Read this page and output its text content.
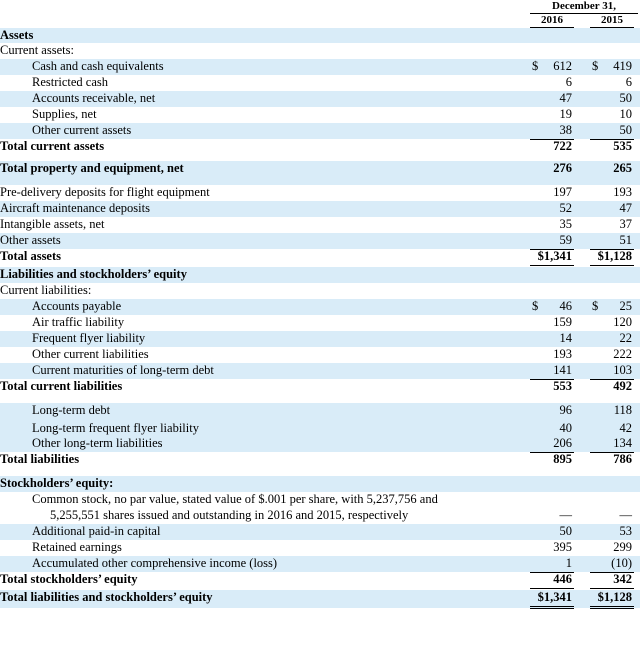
December 31,
2016	2015
Assets
Current assets:
Cash and cash equivalents	$ 612 $ 419
Restricted cash	6	6
Accounts receivable, net	47	50
Supplies, net	19	10
Other current assets	38	50
Total current assets	722	535
Total property and equipment, net	276	265
Pre-delivery deposits for flight equipment	197	193
Aircraft maintenance deposits	52	47
Intangible assets, net	35	37
Other assets	59	51
Total assets	$1,341 $1,128
Liabilities and stockholders’ equity
Current liabilities:
Accounts payable	$ 46 $ 25
Air traffic liability	159	120
Frequent flyer liability	14	22
Other current liabilities	193	222
Current maturities of long-term debt	141	103
Total current liabilities	553	492
Long-term debt	96	118
Long-term frequent flyer liability	40	42
Other long-term liabilities	206	134
Total liabilities	895	786
Stockholders’ equity:
Common stock, no par value, stated value of $.001 per share, with 5,237,756 and
5,255,551 shares issued and outstanding in 2016 and 2015, respectively	—	—
Additional paid-in capital	50	53
Retained earnings	395	299
Accumulated other comprehensive income (loss)	1	(10)
Total stockholders’ equity	446	342
Total liabilities and stockholders’ equity	$1,341 $1,128
